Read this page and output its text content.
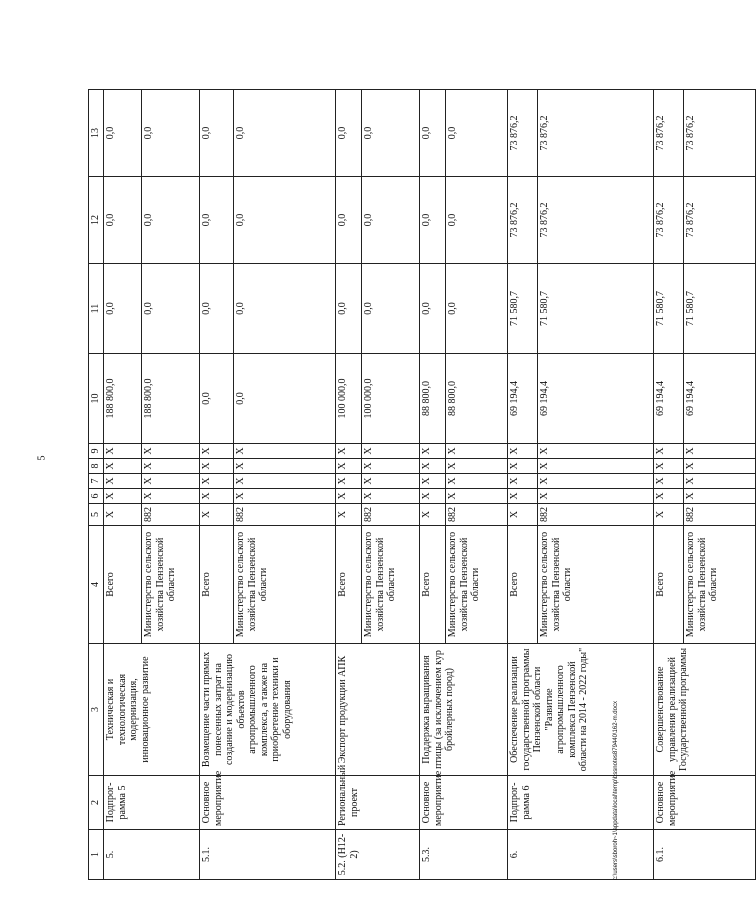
5
1	2	3	4	5	6	7	8	9	10	11	12	13
5.	Подпрог-рамма 5	Техническая и технологическая модернизация, инновационное развитие	Всего	X	X	X	X	X	188 800,0	0,0	0,0	0,0
			Министерство сельского хозяйства Пензенской области	882	X	X	X	X	188 800,0	0,0	0,0	0,0
5.1.	Основное мероприятие	Возмещение части прямых понесенных затрат на создание и модернизацию объектов агропромышленного комплекса, а также на приобретение техники и оборудования	Всего	X	X	X	X	X	0,0	0,0	0,0	0,0
			Министерство сельского хозяйства Пензенской области	882	X	X	X	X	0,0	0,0	0,0	0,0
5.2. (Н12-2)	Региональный проект	Экспорт продукции АПК	Всего	X	X	X	X	X	100 000,0	0,0	0,0	0,0
			Министерство сельского хозяйства Пензенской области	882	X	X	X	X	100 000,0	0,0	0,0	0,0
5.3.	Основное мероприятие	Поддержка выращивания птицы (за исключением кур бройлерных пород)	Всего	X	X	X	X	X	88 800,0	0,0	0,0	0,0
			Министерство сельского хозяйства Пензенской области	882	X	X	X	X	88 800,0	0,0	0,0	0,0
6.	Подпрог-рамма 6	Обеспечение реализации государственной программы Пензенской области "Развитие агропромышленного комплекса Пензенской области на 2014 - 2022 годы"	Всего	X	X	X	X	X	69 194,4	71 580,7	73 876,2	73 876,2
			Министерство сельского хозяйства Пензенской области	882	X	X	X	X	69 194,4	71 580,7	73 876,2	73 876,2
6.1.	Основное мероприятие	Совершенствование управления реализацией Государственной программы	Всего	X	X	X	X	X	69 194,4	71 580,7	73 876,2	73 876,2
			Министерство сельского хозяйства Пензенской области	882	X	X	X	X	69 194,4	71 580,7	73 876,2	73 876,2
c:\users\sboroh~1\appdata\local\temp\bssnotes879440\162-m.docx
